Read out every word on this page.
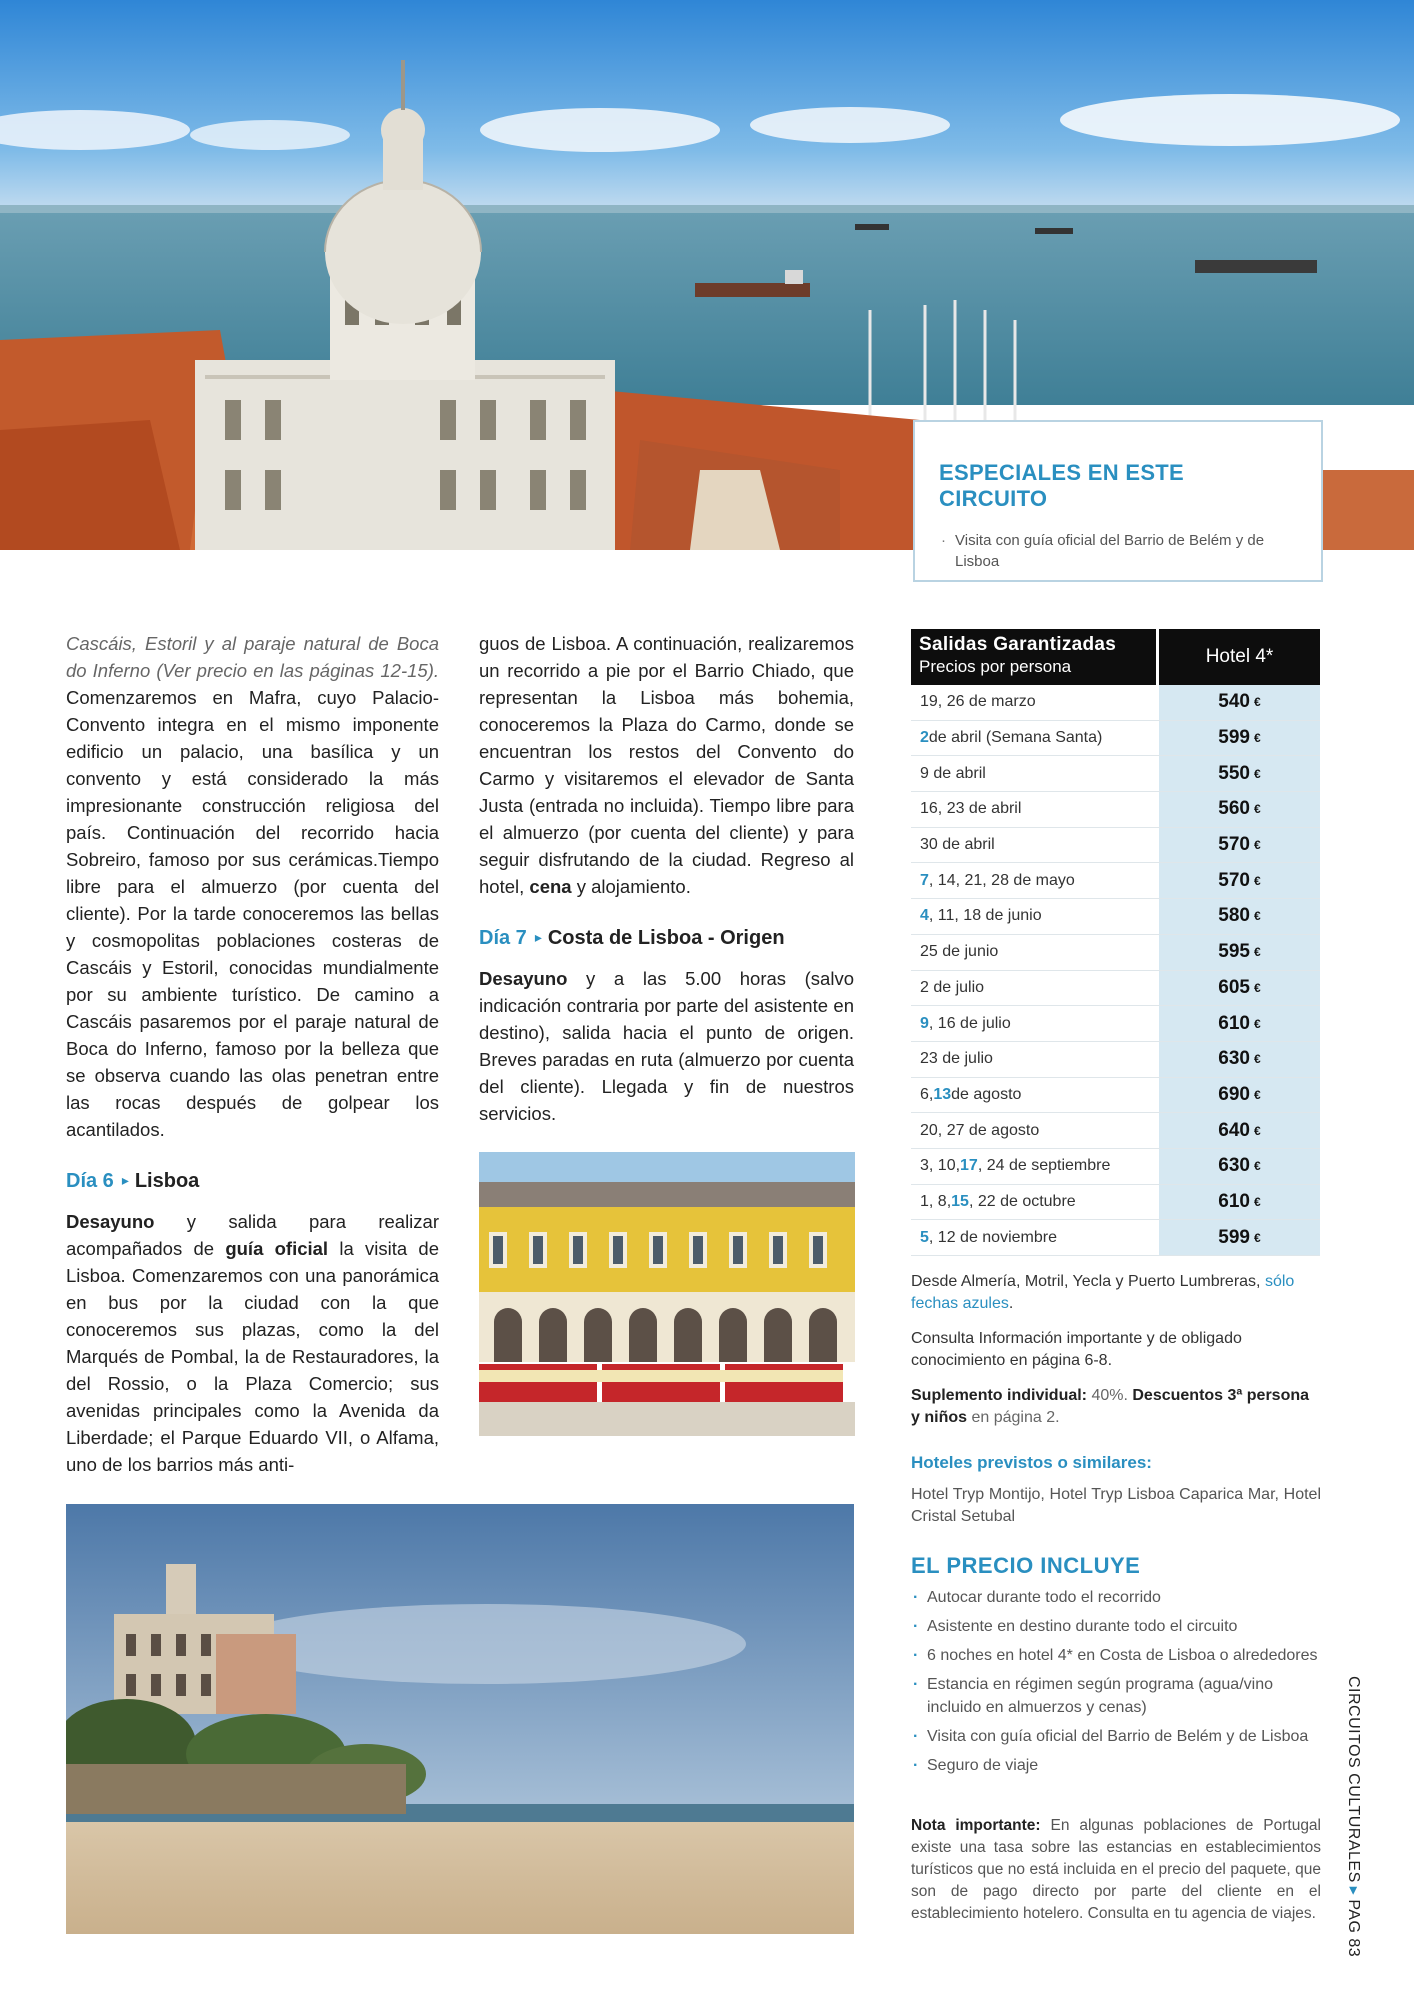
ESPECIALES EN ESTE CIRCUITO
· Visita con guía oficial del Barrio de Belém y de Lisboa

Cascáis, Estoril y al paraje natural de Boca do Inferno (Ver precio en las páginas 12-15). Comenzaremos en Mafra, cuyo Palacio-Convento integra en el mismo imponente edificio un palacio, una basílica y un convento y está considerado la más impresionante construcción religiosa del país. Continuación del recorrido hacia Sobreiro, famoso por sus cerámicas.Tiempo libre para el almuerzo (por cuenta del cliente). Por la tarde conoceremos las bellas y cosmopolitas poblaciones costeras de Cascáis y Estoril, conocidas mundialmente por su ambiente turístico. De camino a Cascáis pasaremos por el paraje natural de Boca do Inferno, famoso por la belleza que se observa cuando las olas penetran entre las rocas después de golpear los acantilados.

Día 6 ▸ Lisboa

Desayuno y salida para realizar acompañados de guía oficial la visita de Lisboa. Comenzaremos con una panorámica en bus por la ciudad con la que conoceremos sus plazas, como la del Marqués de Pombal, la de Restauradores, la del Rossio, o la Plaza Comercio; sus avenidas principales como la Avenida da Liberdade; el Parque Eduardo VII, o Alfama, uno de los barrios más anti-

guos de Lisboa. A continuación, realizaremos un recorrido a pie por el Barrio Chiado, que representan la Lisboa más bohemia, conoceremos la Plaza do Carmo, donde se encuentran los restos del Convento do Carmo y visitaremos el elevador de Santa Justa (entrada no incluida). Tiempo libre para el almuerzo (por cuenta del cliente) y para seguir disfrutando de la ciudad. Regreso al hotel, cena y alojamiento.

Día 7 ▸ Costa de Lisboa - Origen

Desayuno y a las 5.00 horas (salvo indicación contraria por parte del asistente en destino), salida hacia el punto de origen. Breves paradas en ruta (almuerzo por cuenta del cliente). Llegada y fin de nuestros servicios.

Salidas Garantizadas
Precios por persona	Hotel 4*
19, 26 de marzo	540 €
2 de abril (Semana Santa)	599 €
9 de abril	550 €
16, 23 de abril	560 €
30 de abril	570 €
7 , 14, 21, 28 de mayo	570 €
4 , 11, 18 de junio	580 €
25 de junio	595 €
2 de julio	605 €
9 , 16 de julio	610 €
23 de julio	630 €
6, 13 de agosto	690 €
20, 27 de agosto	640 €
3, 10, 17 , 24 de septiembre	630 €
1, 8, 15 , 22 de octubre	610 €
5 , 12 de noviembre	599 €
Desde Almería, Motril, Yecla y Puerto Lumbreras, sólo fechas azules.
Consulta Información importante y de obligado conocimiento en página 6-8.
Suplemento individual: 40%. Descuentos 3ª persona y niños en página 2.
Hoteles previstos o similares:
Hotel Tryp Montijo, Hotel Tryp Lisboa Caparica Mar, Hotel Cristal Setubal
EL PRECIO INCLUYE
· Autocar durante todo el recorrido
· Asistente en destino durante todo el circuito
· 6 noches en hotel 4* en Costa de Lisboa o alrededores
· Estancia en régimen según programa (agua/vino incluido en almuerzos y cenas)
· Visita con guía oficial del Barrio de Belém y de Lisboa
· Seguro de viaje
Nota importante: En algunas poblaciones de Portugal existe una tasa sobre las estancias en establecimientos turísticos que no está incluida en el precio del paquete, que son de pago directo por parte del cliente en el establecimiento hotelero. Consulta en tu agencia de viajes.
CIRCUITOS CULTURALES▸PAG 83
